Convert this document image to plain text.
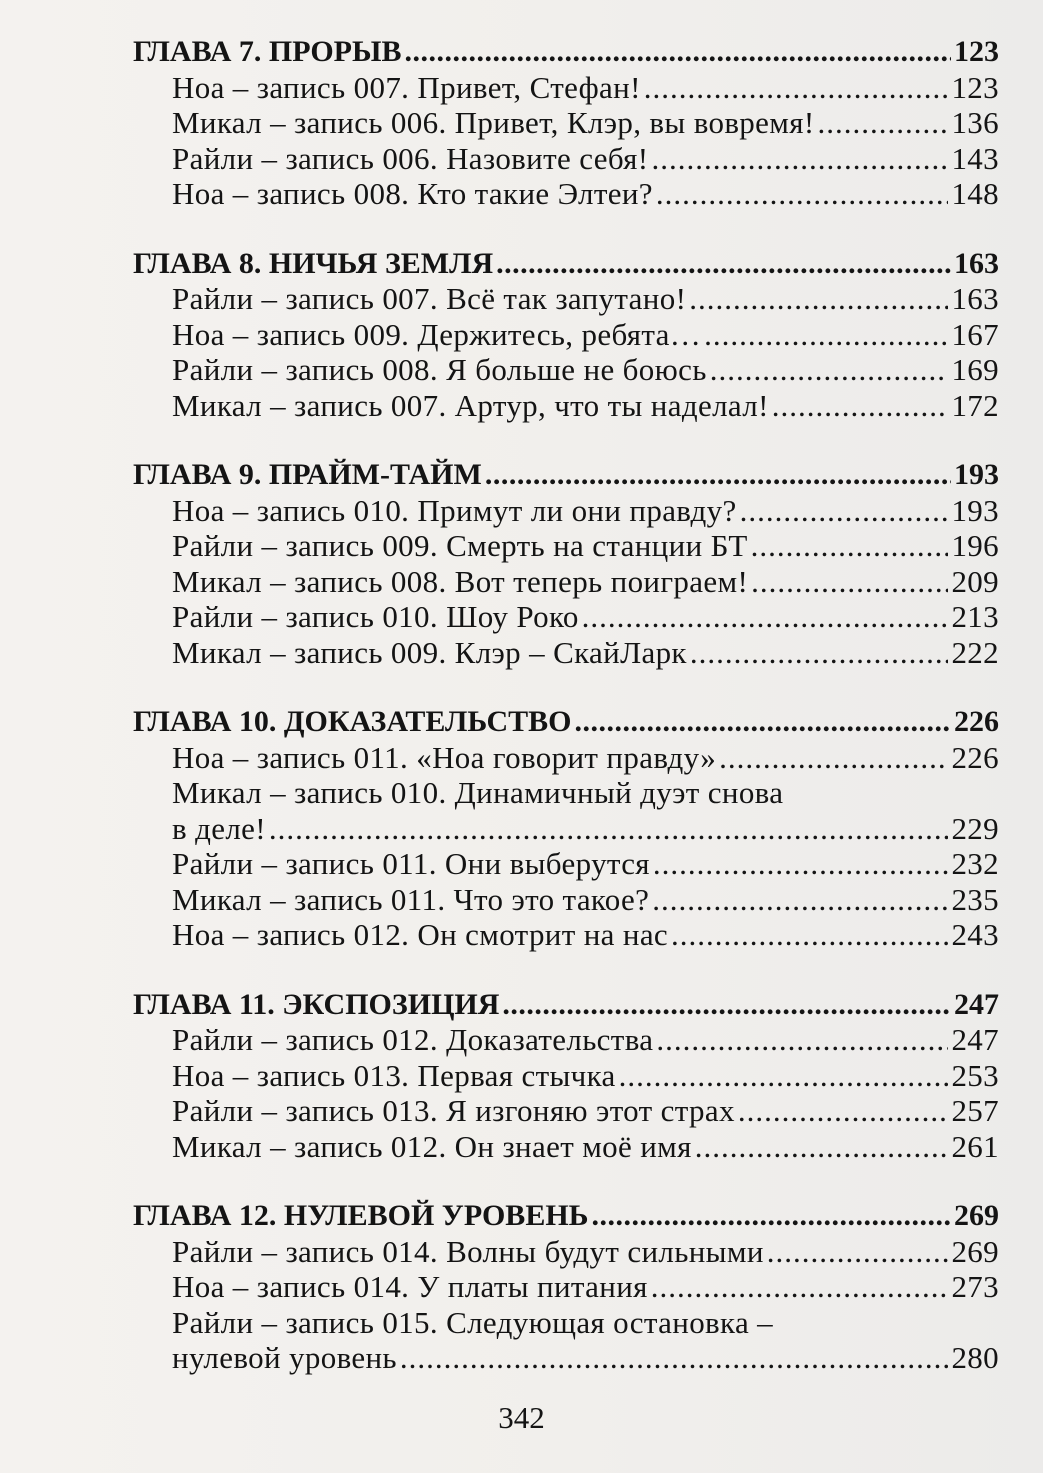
ГЛАВА 7. ПРОРЫВ .....	123
Ноа – запись 007. Привет, Стефан! .....	123
Микал – запись 006. Привет, Клэр, вы вовремя! .....	136
Райли – запись 006. Назовите себя! .....	143
Ноа – запись 008. Кто такие Элтеи? .....	148
ГЛАВА 8. НИЧЬЯ ЗЕМЛЯ .....	163
Райли – запись 007. Всё так запутано! .....	163
Ноа – запись 009. Держитесь, ребята… .....	167
Райли – запись 008. Я больше не боюсь .....	169
Микал – запись 007. Артур, что ты наделал! .....	172
ГЛАВА 9. ПРАЙМ-ТАЙМ .....	193
Ноа – запись 010. Примут ли они правду? .....	193
Райли – запись 009. Смерть на станции БТ .....	196
Микал – запись 008. Вот теперь поиграем! .....	209
Райли – запись 010. Шоу Роко .....	213
Микал – запись 009. Клэр – СкайЛарк .....	222
ГЛАВА 10. ДОКАЗАТЕЛЬСТВО .....	226
Ноа – запись 011. «Ноа говорит правду» .....	226
Микал – запись 010. Динамичный дуэт снова
в деле! .....	229
Райли – запись 011. Они выберутся .....	232
Микал – запись 011. Что это такое? .....	235
Ноа – запись 012. Он смотрит на нас .....	243
ГЛАВА 11. ЭКСПОЗИЦИЯ .....	247
Райли – запись 012. Доказательства .....	247
Ноа – запись 013. Первая стычка .....	253
Райли – запись 013. Я изгоняю этот страх .....	257
Микал – запись 012. Он знает моё имя .....	261
ГЛАВА 12. НУЛЕВОЙ УРОВЕНЬ .....	269
Райли – запись 014. Волны будут сильными .....	269
Ноа – запись 014. У платы питания .....	273
Райли – запись 015. Следующая остановка –
нулевой уровень .....	280
342
